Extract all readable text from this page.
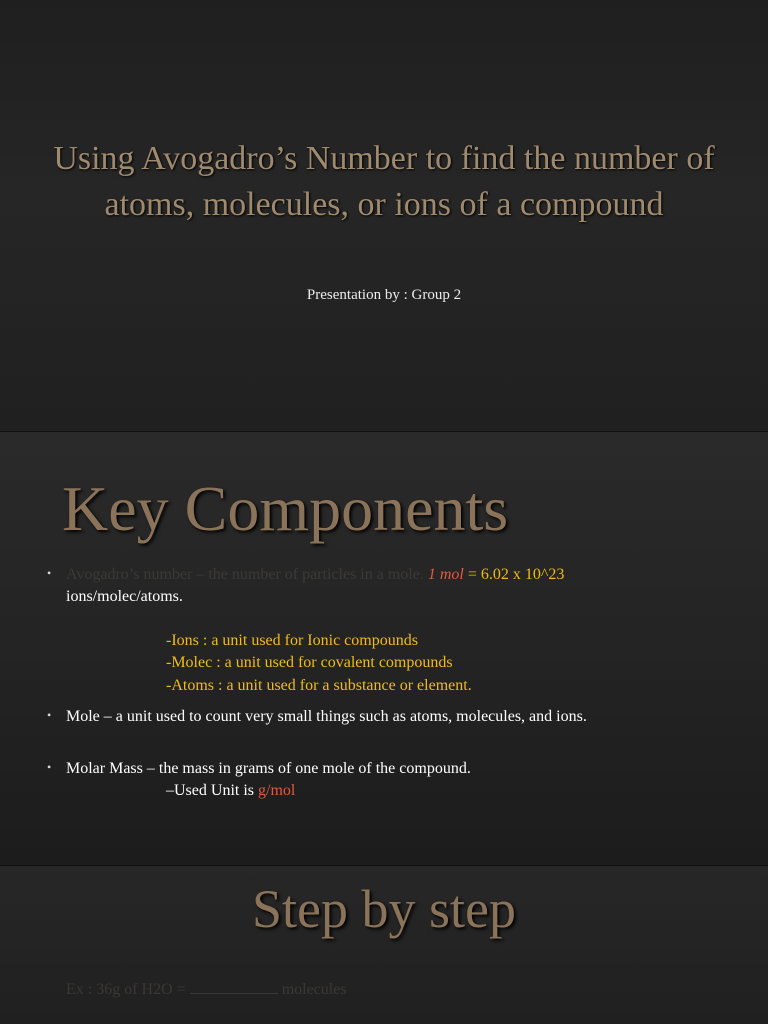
Using Avogadro’s Number to find the number of atoms, molecules, or ions of a compound
Presentation by : Group 2
Key Components
• Avogadro’s number – the number of particles in a mole. 1 mol = 6.02 x 10^23
ions/molec/atoms.
-Ions : a unit used for Ionic compounds
-Molec : a unit used for covalent compounds
-Atoms : a unit used for a substance or element.
• Mole – a unit used to count very small things such as atoms, molecules, and ions.
• Molar Mass – the mass in grams of one mole of the compound.
–Used Unit is g/mol
Step by step
Ex : 36g of H2O =	molecules
